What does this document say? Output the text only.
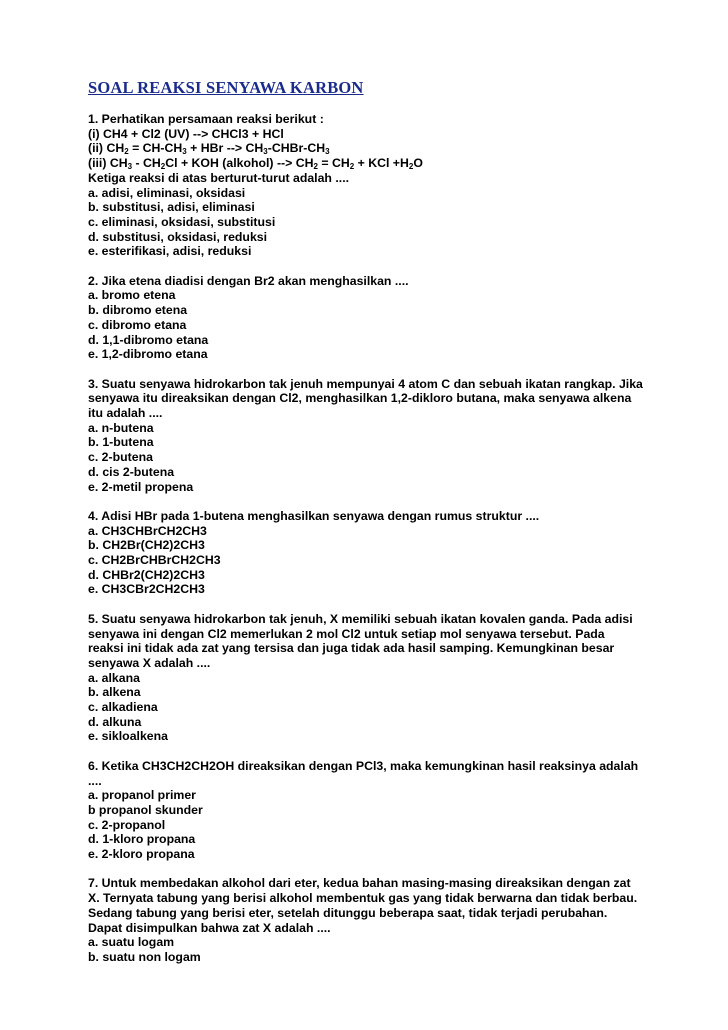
SOAL REAKSI SENYAWA KARBON
1. Perhatikan persamaan reaksi berikut :
(i) CH4 + Cl2 (UV) --> CHCl3 + HCl
(ii) $CH_2 = CH-CH_3$ + HBr --> $CH_3-CHBr-CH_3$
(iii) $CH_3 - CH_2Cl$ + KOH (alkohol) --> $CH_2 = CH_2$ + KCl $+H_2O$
Ketiga reaksi di atas berturut-turut adalah ....
a. adisi, eliminasi, oksidasi
b. substitusi, adisi, eliminasi
c. eliminasi, oksidasi, substitusi
d. substitusi, oksidasi, reduksi
e. esterifikasi, adisi, reduksi
2. Jika etena diadisi dengan Br2 akan menghasilkan ....
a. bromo etena
b. dibromo etena
c. dibromo etana
d. 1,1-dibromo etana
e. 1,2-dibromo etana
3. Suatu senyawa hidrokarbon tak jenuh mempunyai 4 atom C dan sebuah ikatan rangkap. Jika
senyawa itu direaksikan dengan Cl2, menghasilkan 1,2-dikloro butana, maka senyawa alkena
itu adalah ....
a. n-butena
b. 1-butena
c. 2-butena
d. cis 2-butena
e. 2-metil propena
4. Adisi HBr pada 1-butena menghasilkan senyawa dengan rumus struktur ....
a. CH3CHBrCH2CH3
b. CH2Br(CH2)2CH3
c. CH2BrCHBrCH2CH3
d. CHBr2(CH2)2CH3
e. CH3CBr2CH2CH3
5. Suatu senyawa hidrokarbon tak jenuh, X memiliki sebuah ikatan kovalen ganda. Pada adisi
senyawa ini dengan Cl2 memerlukan 2 mol Cl2 untuk setiap mol senyawa tersebut. Pada
reaksi ini tidak ada zat yang tersisa dan juga tidak ada hasil samping. Kemungkinan besar
senyawa X adalah ....
a. alkana
b. alkena
c. alkadiena
d. alkuna
e. sikloalkena
6. Ketika CH3CH2CH2OH direaksikan dengan PCl3, maka kemungkinan hasil reaksinya adalah
....
a. propanol primer
b propanol skunder
c. 2-propanol
d. 1-kloro propana
e. 2-kloro propana
7. Untuk membedakan alkohol dari eter, kedua bahan masing-masing direaksikan dengan zat
X. Ternyata tabung yang berisi alkohol membentuk gas yang tidak berwarna dan tidak berbau.
Sedang tabung yang berisi eter, setelah ditunggu beberapa saat, tidak terjadi perubahan.
Dapat disimpulkan bahwa zat X adalah ....
a. suatu logam
b. suatu non logam
